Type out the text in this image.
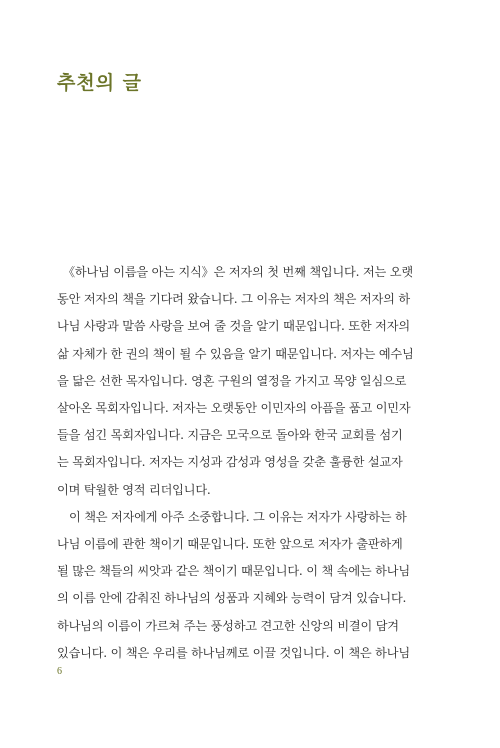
추천의 글

　《하나님 이름을 아는 지식》은 저자의 첫 번째 책입니다. 저는 오랫
동안 저자의 책을 기다려 왔습니다. 그 이유는 저자의 책은 저자의 하
나님 사랑과 말씀 사랑을 보여 줄 것을 알기 때문입니다. 또한 저자의
삶 자체가 한 권의 책이 될 수 있음을 알기 때문입니다. 저자는 예수님
을 닮은 선한 목자입니다. 영혼 구원의 열정을 가지고 목양 일심으로
살아온 목회자입니다. 저자는 오랫동안 이민자의 아픔을 품고 이민자
들을 섬긴 목회자입니다. 지금은 모국으로 돌아와 한국 교회를 섬기
는 목회자입니다. 저자는 지성과 감성과 영성을 갖춘 훌륭한 설교자
이며 탁월한 영적 리더입니다.

　이 책은 저자에게 아주 소중합니다. 그 이유는 저자가 사랑하는 하
나님 이름에 관한 책이기 때문입니다. 또한 앞으로 저자가 출판하게
될 많은 책들의 씨앗과 같은 책이기 때문입니다. 이 책 속에는 하나님
의 이름 안에 감춰진 하나님의 성품과 지혜와 능력이 담겨 있습니다.
하나님의 이름이 가르쳐 주는 풍성하고 견고한 신앙의 비결이 담겨
있습니다. 이 책은 우리를 하나님께로 이끌 것입니다. 이 책은 하나님

6
